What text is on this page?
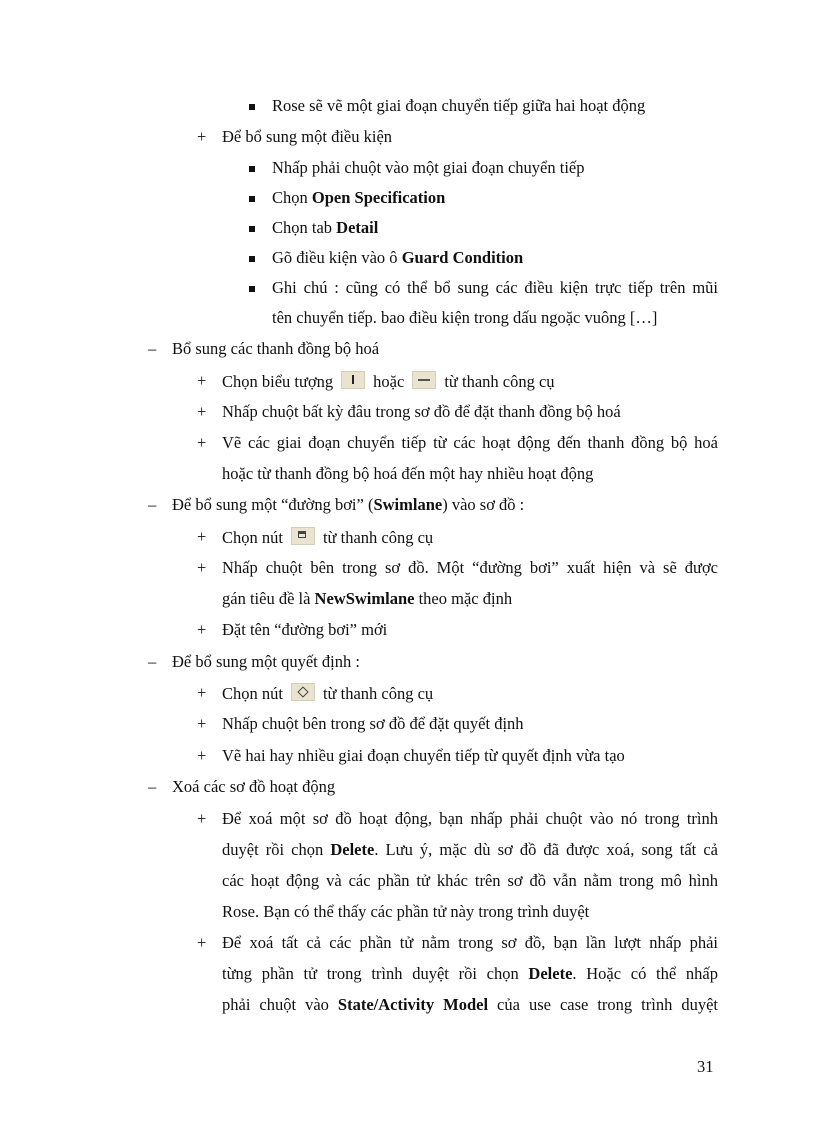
Rose sẽ vẽ một giai đoạn chuyển tiếp giữa hai hoạt động
+ Để bổ sung một điều kiện
Nhấp phải chuột vào một giai đoạn chuyển tiếp
Chọn Open Specification
Chọn tab Detail
Gõ điều kiện vào ô Guard Condition
Ghi chú : cũng có thể bổ sung các điều kiện trực tiếp trên mũi
tên chuyển tiếp. bao điều kiện trong dấu ngoặc vuông […]
– Bổ sung các thanh đồng bộ hoá
+ Chọn biểu tượng hoặc từ thanh công cụ
+ Nhấp chuột bất kỳ đâu trong sơ đồ để đặt thanh đồng bộ hoá
+ Vẽ các giai đoạn chuyển tiếp từ các hoạt động đến thanh đồng bộ hoá
hoặc từ thanh đồng bộ hoá đến một hay nhiều hoạt động
– Để bổ sung một “đường bơi” (Swimlane) vào sơ đồ :
+ Chọn nút từ thanh công cụ
+ Nhấp chuột bên trong sơ đồ. Một “đường bơi” xuất hiện và sẽ được
gán tiêu đề là NewSwimlane theo mặc định
+ Đặt tên “đường bơi” mới
– Để bổ sung một quyết định :
+ Chọn nút từ thanh công cụ
+ Nhấp chuột bên trong sơ đồ để đặt quyết định
+ Vẽ hai hay nhiều giai đoạn chuyển tiếp từ quyết định vừa tạo
– Xoá các sơ đồ hoạt động
+ Để xoá một sơ đồ hoạt động, bạn nhấp phải chuột vào nó trong trình
duyệt rồi chọn Delete. Lưu ý, mặc dù sơ đồ đã được xoá, song tất cả
các hoạt động và các phần tử khác trên sơ đồ vẫn nằm trong mô hình
Rose. Bạn có thể thấy các phần tử này trong trình duyệt
+ Để xoá tất cả các phần tử nằm trong sơ đồ, bạn lần lượt nhấp phải
từng phần tử trong trình duyệt rồi chọn Delete. Hoặc có thể nhấp
phải chuột vào State/Activity Model của use case trong trình duyệt
31
